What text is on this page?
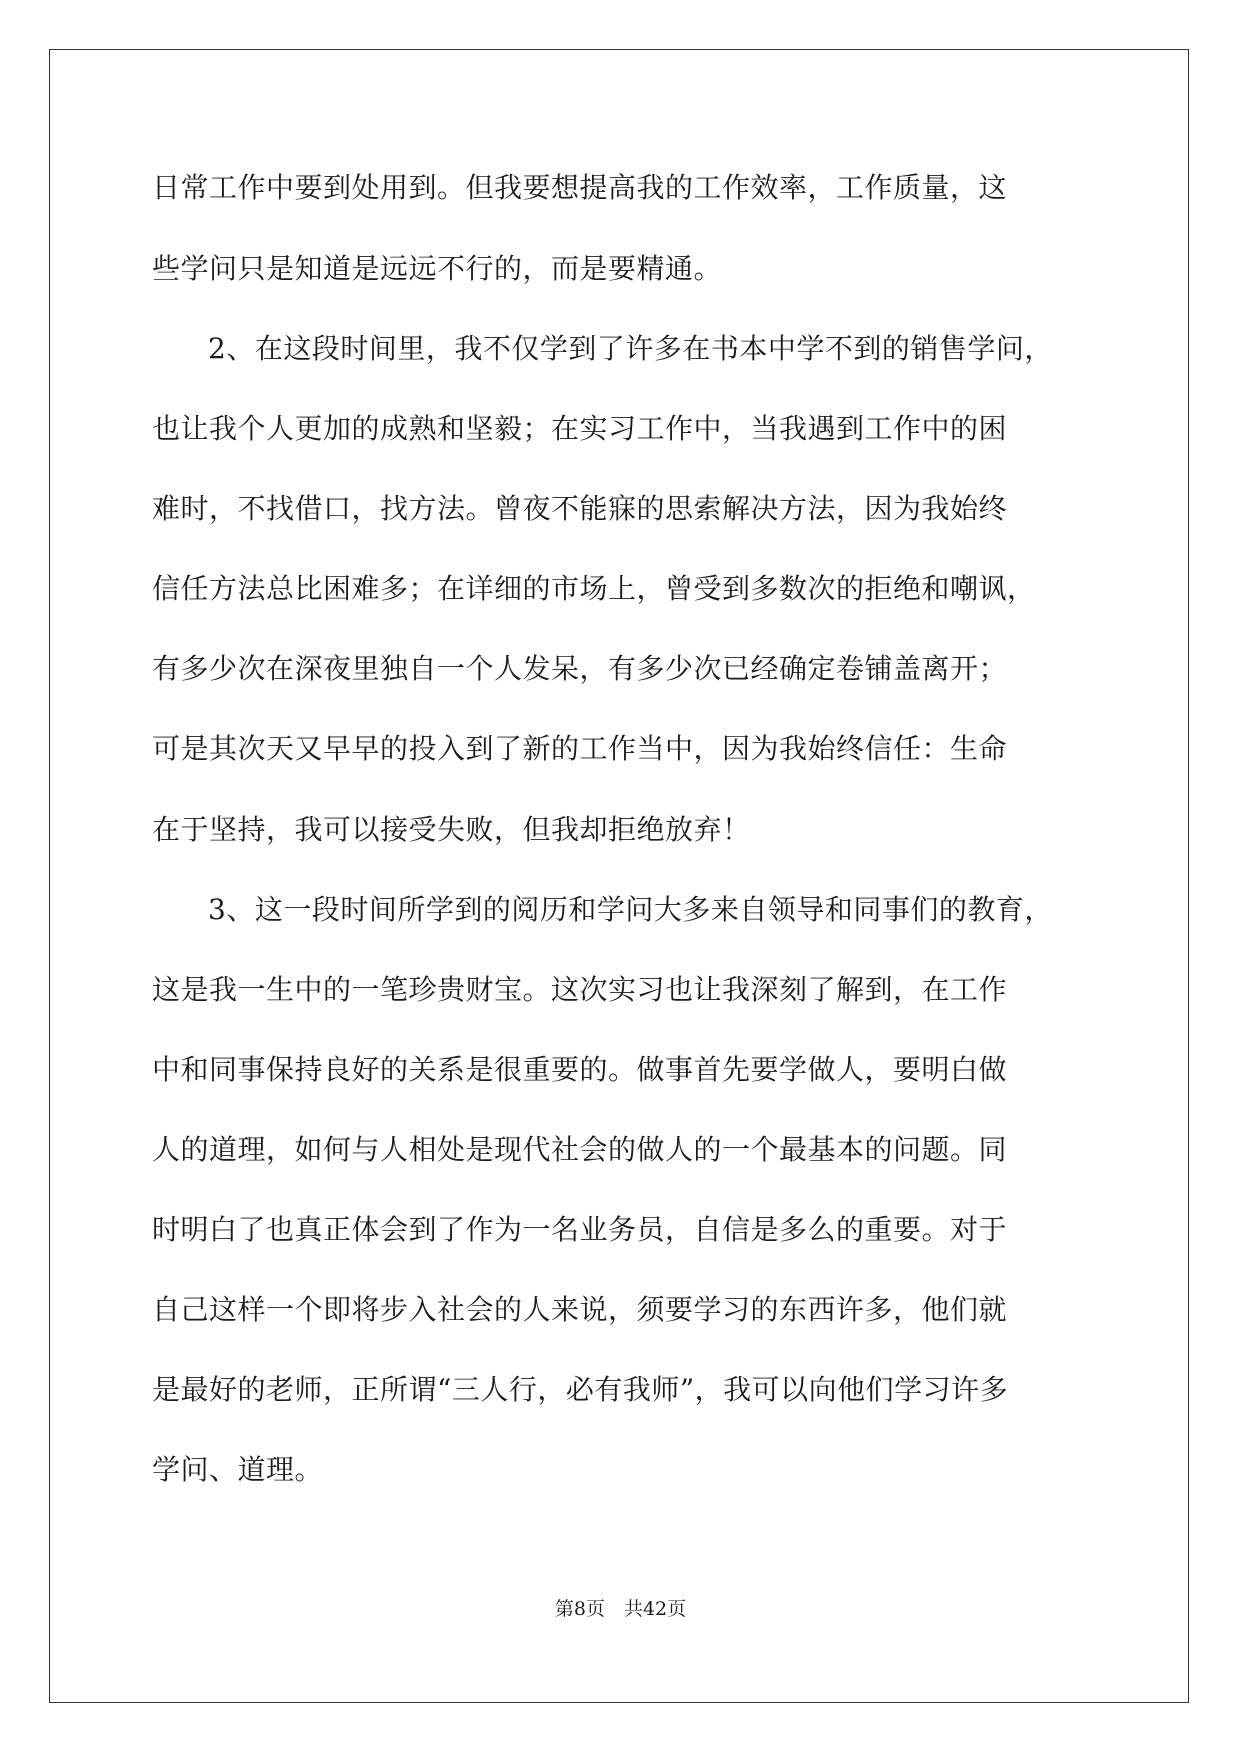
日常工作中要到处用到。但我要想提高我的工作效率，工作质量，这
些学问只是知道是远远不行的，而是要精通。
2、在这段时间里，我不仅学到了许多在书本中学不到的销售学问，
也让我个人更加的成熟和坚毅；在实习工作中，当我遇到工作中的困
难时，不找借口，找方法。曾夜不能寐的思索解决方法，因为我始终
信任方法总比困难多；在详细的市场上，曾受到多数次的拒绝和嘲讽，
有多少次在深夜里独自一个人发呆，有多少次已经确定卷铺盖离开；
可是其次天又早早的投入到了新的工作当中，因为我始终信任：生命
在于坚持，我可以接受失败，但我却拒绝放弃！
3、这一段时间所学到的阅历和学问大多来自领导和同事们的教育，
这是我一生中的一笔珍贵财宝。这次实习也让我深刻了解到，在工作
中和同事保持良好的关系是很重要的。做事首先要学做人，要明白做
人的道理，如何与人相处是现代社会的做人的一个最基本的问题。同
时明白了也真正体会到了作为一名业务员，自信是多么的重要。对于
自己这样一个即将步入社会的人来说，须要学习的东西许多，他们就
是最好的老师，正所谓“三人行，必有我师”，我可以向他们学习许多
学问、道理。
第8页　共42页
